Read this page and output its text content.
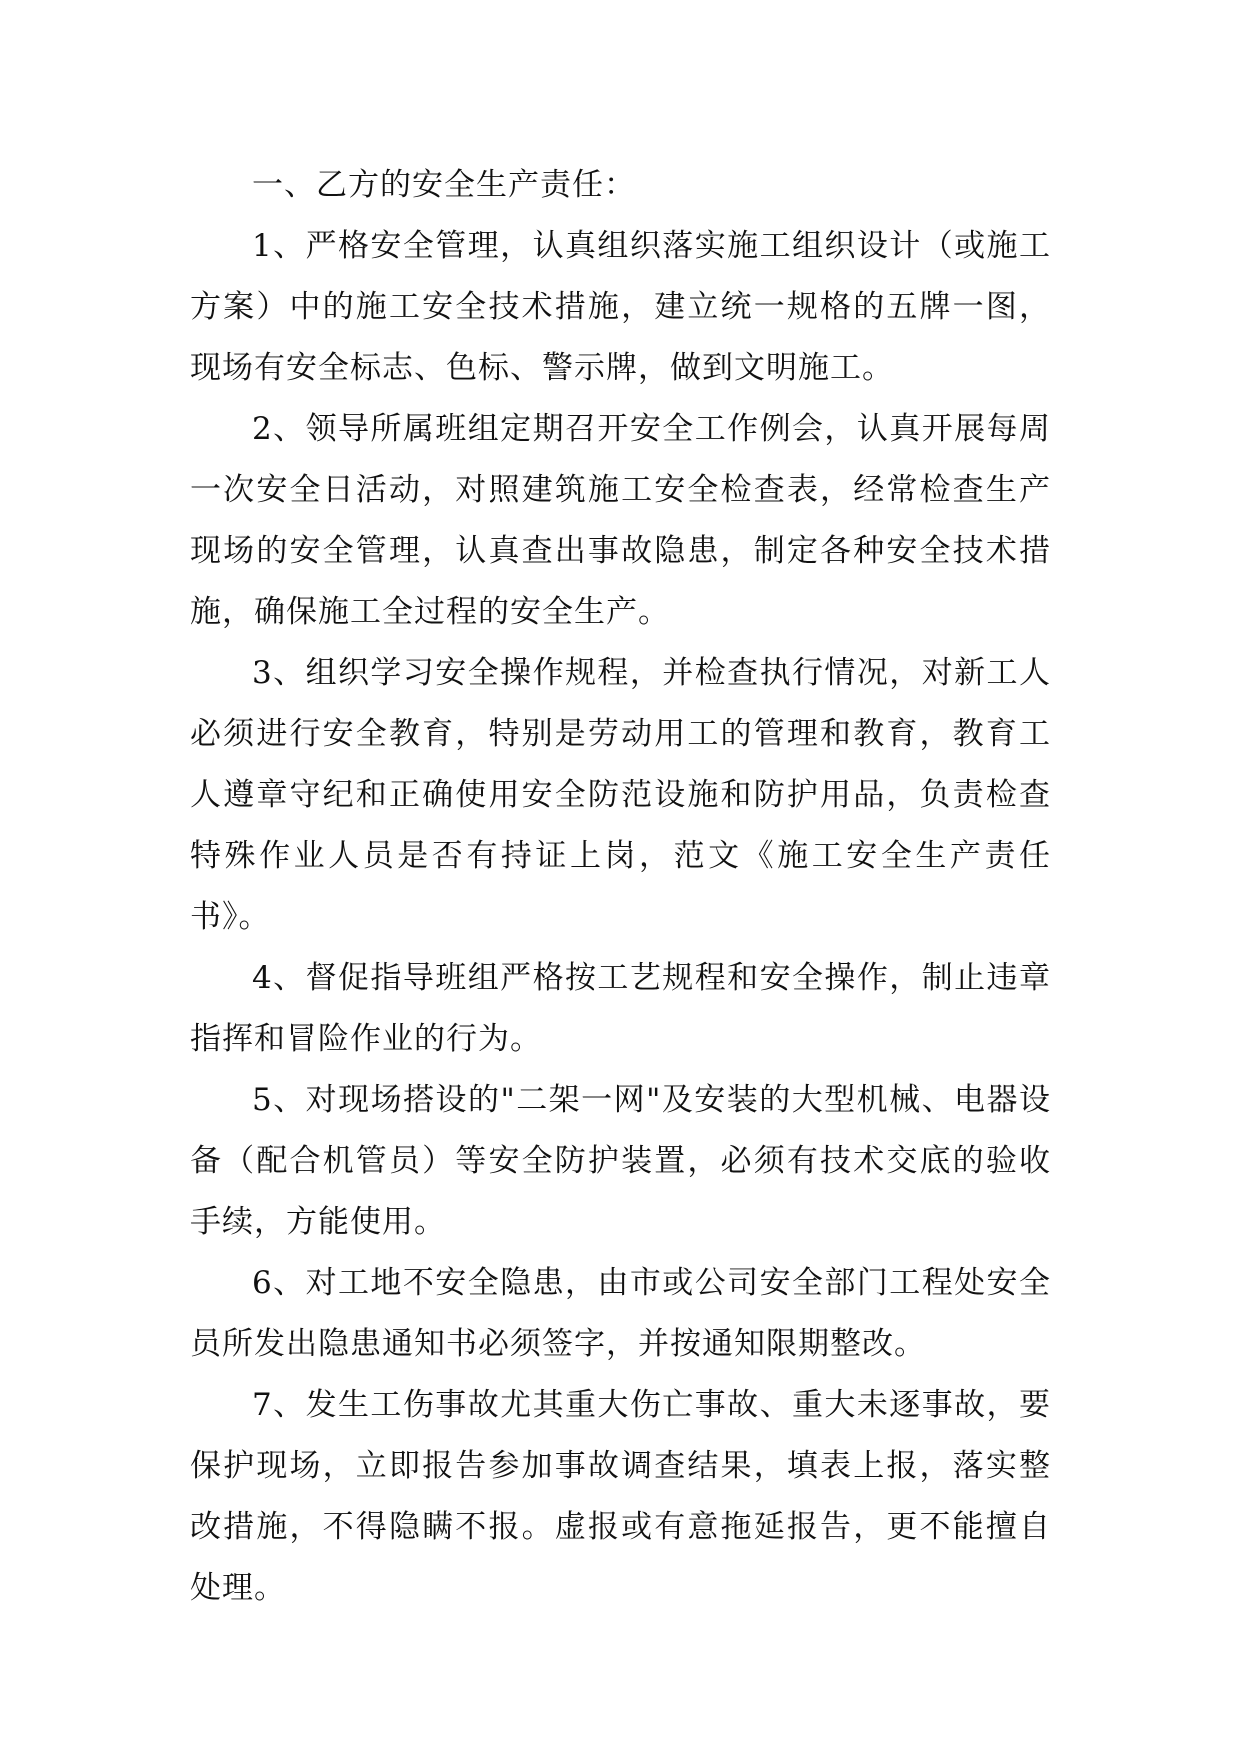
一、乙方的安全生产责任：

1、严格安全管理，认真组织落实施工组织设计（或施工方案）中的施工安全技术措施，建立统一规格的五牌一图，现场有安全标志、色标、警示牌，做到文明施工。

2、领导所属班组定期召开安全工作例会，认真开展每周一次安全日活动，对照建筑施工安全检查表，经常检查生产现场的安全管理，认真查出事故隐患，制定各种安全技术措施，确保施工全过程的安全生产。

3、组织学习安全操作规程，并检查执行情况，对新工人必须进行安全教育，特别是劳动用工的管理和教育，教育工人遵章守纪和正确使用安全防范设施和防护用品，负责检查特殊作业人员是否有持证上岗，范文《施工安全生产责任书》。

4、督促指导班组严格按工艺规程和安全操作，制止违章指挥和冒险作业的行为。

5、对现场搭设的"二架一网"及安装的大型机械、电器设备（配合机管员）等安全防护装置，必须有技术交底的验收手续，方能使用。

6、对工地不安全隐患，由市或公司安全部门工程处安全员所发出隐患通知书必须签字，并按通知限期整改。

7、发生工伤事故尤其重大伤亡事故、重大未逐事故，要保护现场，立即报告参加事故调查结果，填表上报，落实整改措施，不得隐瞒不报。虚报或有意拖延报告，更不能擅自处理。
